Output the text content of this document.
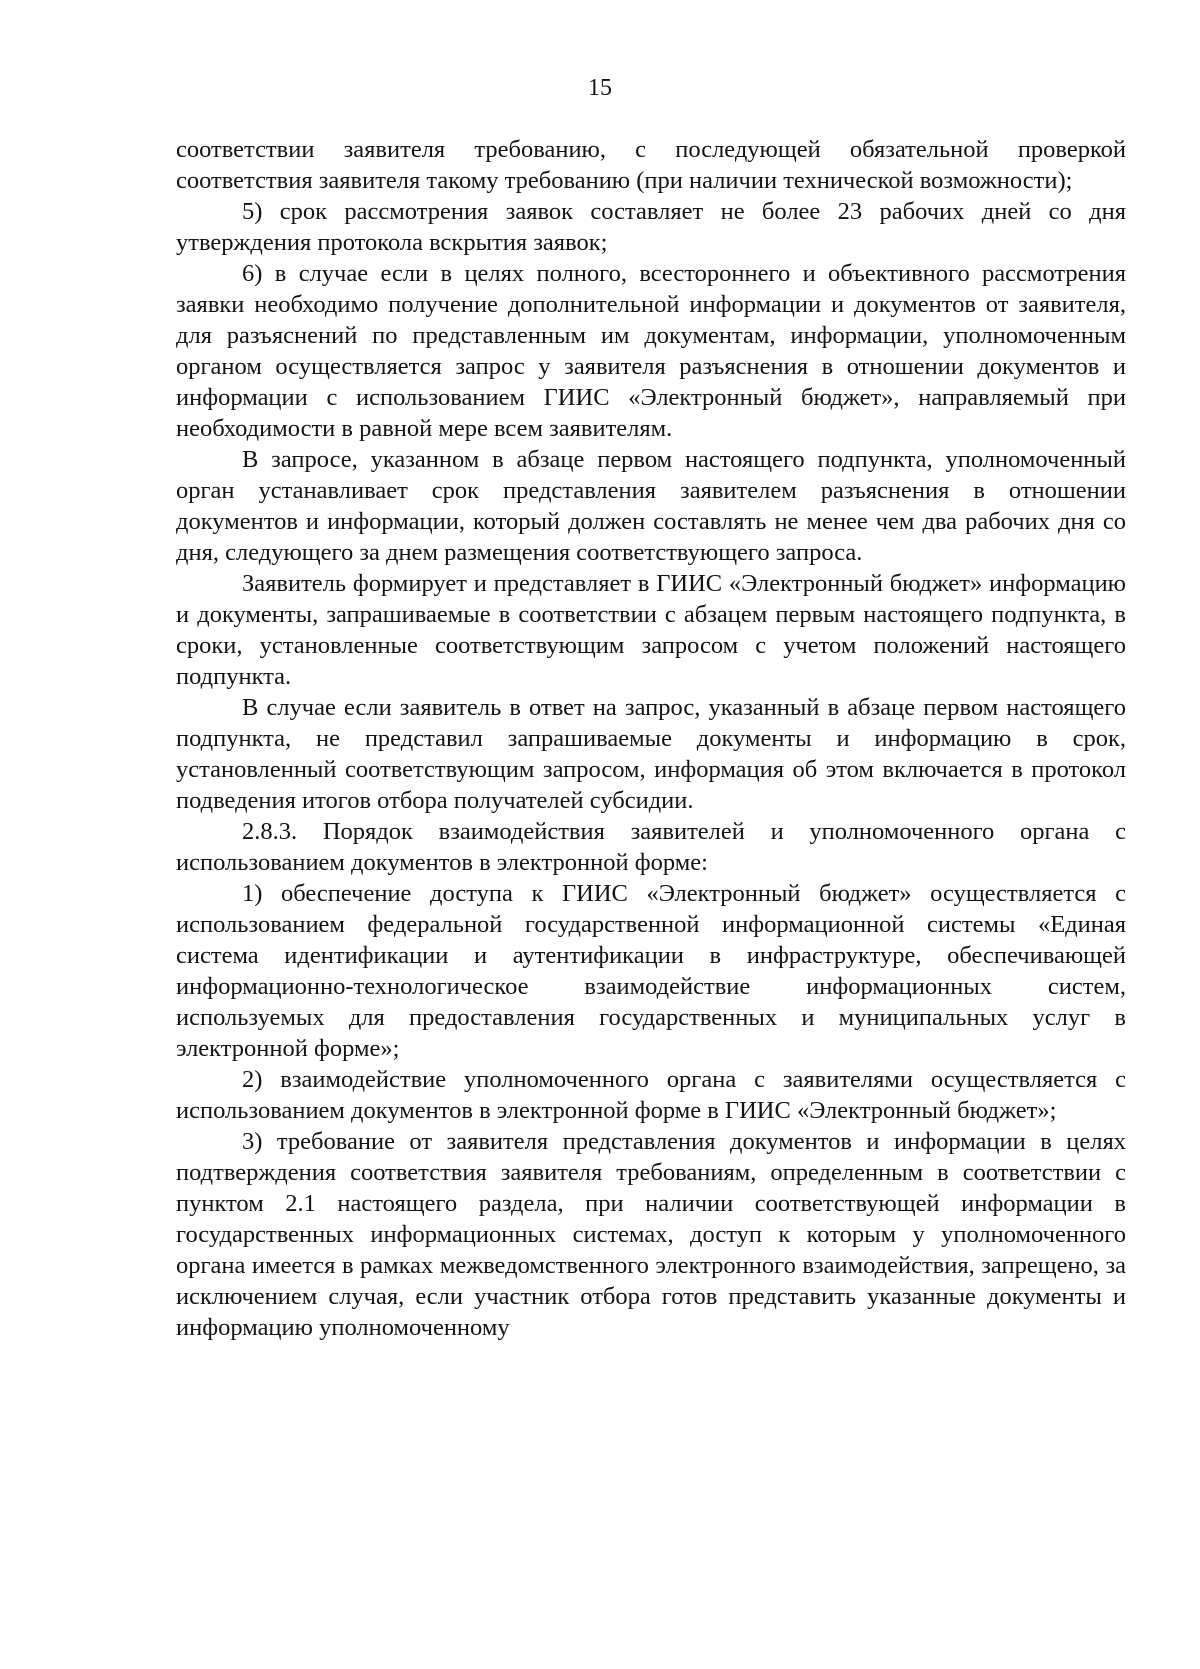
15

соответствии заявителя требованию, с последующей обязательной проверкой соответствия заявителя такому требованию (при наличии технической возможности);

5) срок рассмотрения заявок составляет не более 23 рабочих дней со дня утверждения протокола вскрытия заявок;

6) в случае если в целях полного, всестороннего и объективного рассмотрения заявки необходимо получение дополнительной информации и документов от заявителя, для разъяснений по представленным им документам, информации, уполномоченным органом осуществляется запрос у заявителя разъяснения в отношении документов и информации с использованием ГИИС «Электронный бюджет», направляемый при необходимости в равной мере всем заявителям.

В запросе, указанном в абзаце первом настоящего подпункта, уполномоченный орган устанавливает срок представления заявителем разъяснения в отношении документов и информации, который должен составлять не менее чем два рабочих дня со дня, следующего за днем размещения соответствующего запроса.

Заявитель формирует и представляет в ГИИС «Электронный бюджет» информацию и документы, запрашиваемые в соответствии с абзацем первым настоящего подпункта, в сроки, установленные соответствующим запросом с учетом положений настоящего подпункта.

В случае если заявитель в ответ на запрос, указанный в абзаце первом настоящего подпункта, не представил запрашиваемые документы и информацию в срок, установленный соответствующим запросом, информация об этом включается в протокол подведения итогов отбора получателей субсидии.

2.8.3. Порядок взаимодействия заявителей и уполномоченного органа с использованием документов в электронной форме:

1) обеспечение доступа к ГИИС «Электронный бюджет» осуществляется с использованием федеральной государственной информационной системы «Единая система идентификации и аутентификации в инфраструктуре, обеспечивающей информационно-технологическое взаимодействие информационных систем, используемых для предоставления государственных и муниципальных услуг в электронной форме»;

2) взаимодействие уполномоченного органа с заявителями осуществляется с использованием документов в электронной форме в ГИИС «Электронный бюджет»;

3) требование от заявителя представления документов и информации в целях подтверждения соответствия заявителя требованиям, определенным в соответствии с пунктом 2.1 настоящего раздела, при наличии соответствующей информации в государственных информационных системах, доступ к которым у уполномоченного органа имеется в рамках межведомственного электронного взаимодействия, запрещено, за исключением случая, если участник отбора готов представить указанные документы и информацию уполномоченному
